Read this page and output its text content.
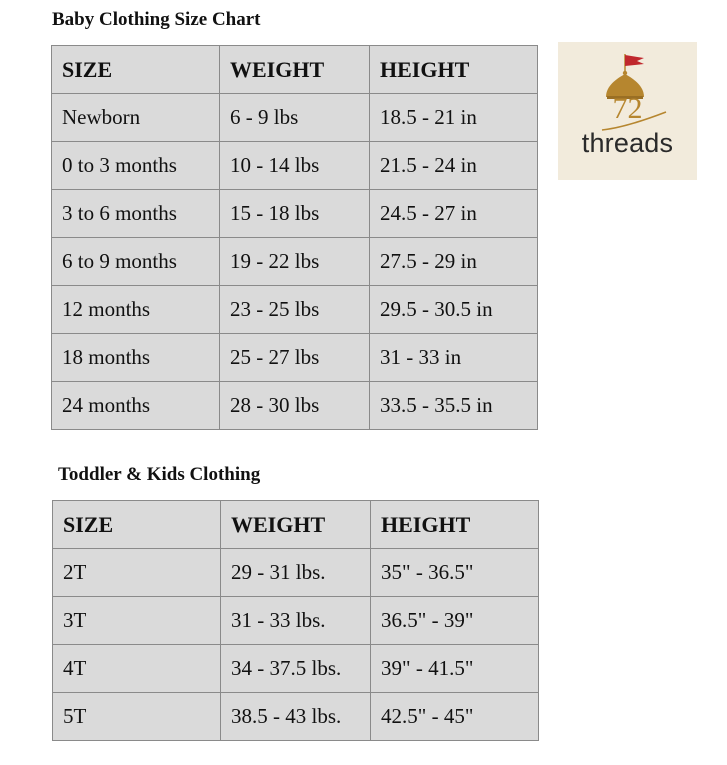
Baby Clothing Size Chart
SIZE	WEIGHT	HEIGHT
Newborn	6 - 9 lbs	18.5 - 21 in
0 to 3 months	10 - 14 lbs	21.5 - 24 in
3 to 6 months	15 - 18 lbs	24.5 - 27 in
6 to 9 months	19 - 22 lbs	27.5 - 29 in
12 months	23 - 25 lbs	29.5 - 30.5 in
18 months	25 - 27 lbs	31 - 33 in
24 months	28 - 30 lbs	33.5 - 35.5 in
Toddler & Kids Clothing
SIZE	WEIGHT	HEIGHT
2T	29 - 31 lbs.	35" - 36.5"
3T	31 - 33 lbs.	36.5" - 39"
4T	34 - 37.5 lbs.	39" - 41.5"
5T	38.5 - 43 lbs.	42.5" - 45"
72
threads
